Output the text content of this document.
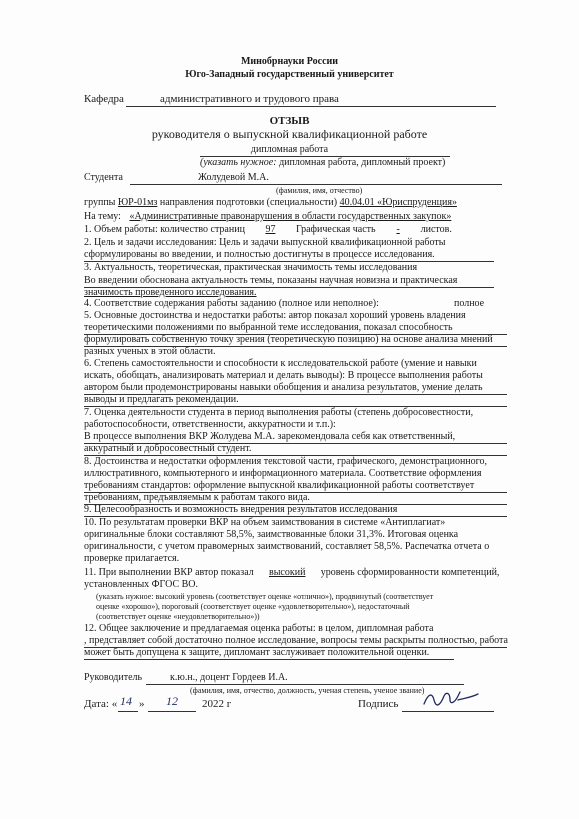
Минобрнауки России
Юго-Западный государственный университет
Кафедра	административного и трудового права
ОТЗЫВ
руководителя о выпускной квалификационной работе
дипломная работа
(указать нужное: дипломная работа, дипломный проект)
Студента	Жолудевой М.А.
(фамилия, имя, отчество)
группы ЮР-01мз направления подготовки (специальности) 40.04.01 «Юриспруденция»
На тему: «Административные правонарушения в области государственных закупок»
1. Объем работы: количество страниц 97 Графическая часть - листов.
2. Цель и задачи исследования: Цель и задачи выпускной квалификационной работы
сформулированы во введении, и полностью достигнуты в процессе исследования.
3. Актуальность, теоретическая, практическая значимость темы исследования
Во введении обоснована актуальность темы, показаны научная новизна и практическая
значимость проведенного исследования.
4. Соответствие содержания работы заданию (полное или неполное):	полное
5. Основные достоинства и недостатки работы: автор показал хороший уровень владения
теоретическими положениями по выбранной теме исследования, показал способность
формулировать собственную точку зрения (теоретическую позицию) на основе анализа мнений
разных ученых в этой области.
6. Степень самостоятельности и способности к исследовательской работе (умение и навыки
искать, обобщать, анализировать материал и делать выводы): В процессе выполнения работы
автором были продемонстрированы навыки обобщения и анализа результатов, умение делать
выводы и предлагать рекомендации.
7. Оценка деятельности студента в период выполнения работы (степень добросовестности,
работоспособности, ответственности, аккуратности и т.п.):
В процессе выполнения ВКР Жолудева М.А. зарекомендовала себя как ответственный,
аккуратный и добросовестный студент.
8. Достоинства и недостатки оформления текстовой части, графического, демонстрационного,
иллюстративного, компьютерного и информационного материала. Соответствие оформления
требованиям стандартов: оформление выпускной квалификационной работы соответствует
требованиям, предъявляемым к работам такого вида.
9. Целесообразность и возможность внедрения результатов исследования
10. По результатам проверки ВКР на объем заимствования в системе «Антиплагиат»
оригинальные блоки составляют 58,5%, заимствованные блоки 31,3%. Итоговая оценка
оригинальности, с учетом правомерных заимствований, составляет 58,5%. Распечатка отчета о
проверке прилагается.
11. При выполнении ВКР автор показал высокий уровень сформированности компетенций,
установленных ФГОС ВО.
(указать нужное: высокий уровень (соответствует оценке «отлично»), продвинутый (соответствует
оценке «хорошо»), пороговый (соответствует оценке «удовлетворительно»), недостаточный
(соответствует оценке «неудовлетворительно»))
12. Общее заключение и предлагаемая оценка работы: в целом, дипломная работа
, представляет собой достаточно полное исследование, вопросы темы раскрыты полностью, работа
может быть допущена к защите, дипломант заслуживает положительной оценки.
Руководитель	к.ю.н., доцент Гордеев И.А.
(фамилия, имя, отчество, должность, ученая степень, ученое звание)
Дата: « 14 » 12 2022 г	Подпись
